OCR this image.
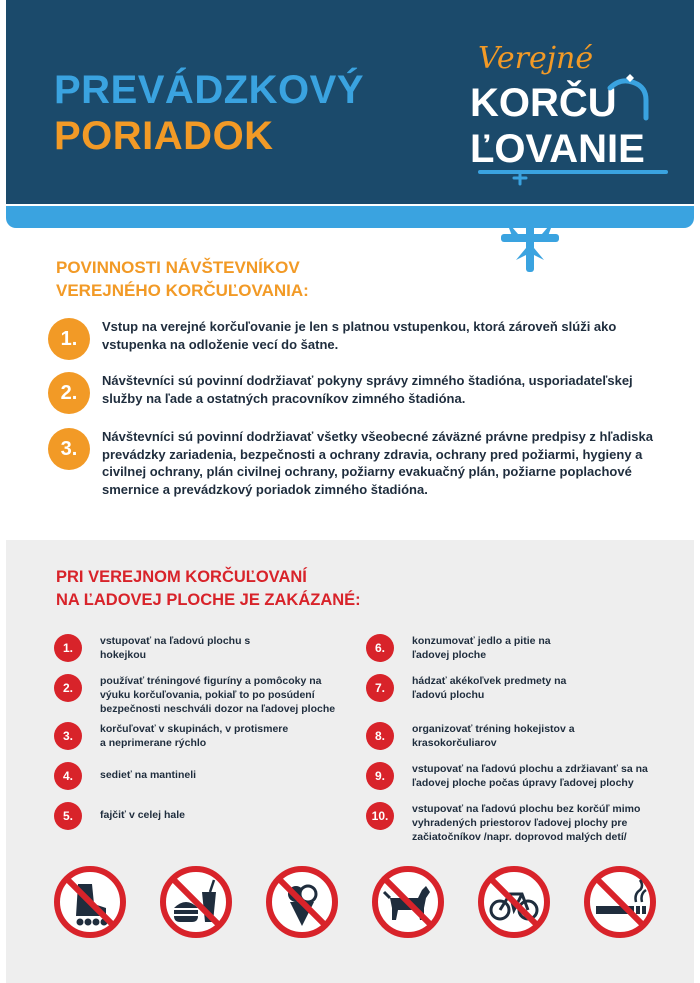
PREVÁDZKOVÝ
PORIADOK
Verejné
KORČU
ĽOVANIE
POVINNOSTI NÁVŠTEVNÍKOV
VEREJNÉHO KORČUĽOVANIA:
1.
Vstup na verejné korčuľovanie je len s platnou vstupenkou, ktorá zároveň slúži ako vstupenka na odloženie vecí do šatne.
2.
Návštevníci sú povinní dodržiavať pokyny správy zimného štadióna, usporiadateľskej služby na ľade a ostatných pracovníkov zimného štadióna.
3.
Návštevníci sú povinní dodržiavať všetky všeobecné záväzné právne predpisy z hľadiska prevádzky zariadenia, bezpečnosti a ochrany zdravia, ochrany pred požiarmi, hygieny a civilnej ochrany, plán civilnej ochrany, požiarny evakuačný plán, požiarne poplachové smernice a prevádzkový poriadok zimného štadióna.
PRI VEREJNOM KORČUĽOVANÍ
NA ĽADOVEJ PLOCHE JE ZAKÁZANÉ:
1.	vstupovať na ľadovú plochu s hokejkou
2.	používať tréningové figuríny a pomôcoky na výuku korčuľovania, pokiaľ to po posúdení bezpečnosti neschváli dozor na ľadovej ploche
3.	korčuľovať v skupinách, v protismere a neprimerane rýchlo
4.	sedieť na mantineli
5.	fajčiť v celej hale
6.	konzumovať jedlo a pitie na ľadovej ploche
7.	hádzať akékoľvek predmety na ľadovú plochu
8.	organizovať tréning hokejistov a krasokorčuliarov
9.	vstupovať na ľadovú plochu a zdržiavanť sa na ľadovej ploche počas úpravy ľadovej plochy
10.	vstupovať na ľadovú plochu bez korčúľ mimo vyhradených priestorov ľadovej plochy pre začiatočníkov /napr. doprovod malých detí/
